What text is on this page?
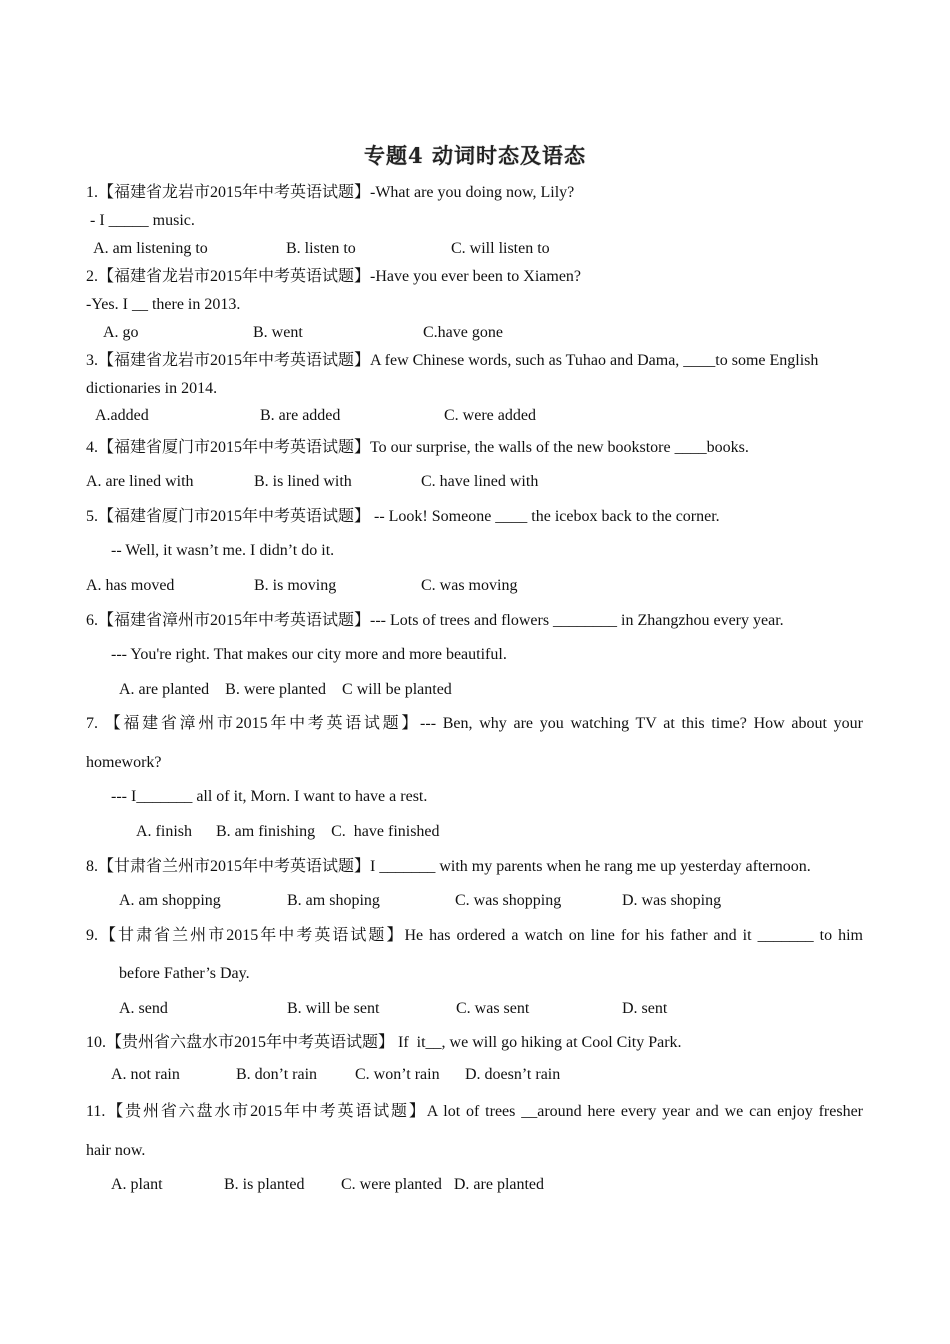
专题4 动词时态及语态
1.【福建省龙岩市2015年中考英语试题】-What are you doing now, Lily?
- I _____ music.
A. am listening to	B. listen to	C. will listen to
2.【福建省龙岩市2015年中考英语试题】-Have you ever been to Xiamen?
-Yes. I __ there in 2013.
A. go	B. went	C.have gone
3.【福建省龙岩市2015年中考英语试题】A few Chinese words, such as Tuhao and Dama, ____to some English
dictionaries in 2014.
A.added	B. are added	C. were added
4.【福建省厦门市2015年中考英语试题】To our surprise, the walls of the new bookstore ____books.
A. are lined with	B. is lined with	C. have lined with
5.【福建省厦门市2015年中考英语试题】 -- Look! Someone ____ the icebox back to the corner.
-- Well, it wasn’t me. I didn’t do it.
A. has moved	B. is moving	C. was moving
6.【福建省漳州市2015年中考英语试题】--- Lots of trees and flowers ________ in Zhangzhou every year.
--- You're right. That makes our city more and more beautiful.
A. are planted    B. were planted    C will be planted
7. 【福建省漳州市2015年中考英语试题】--- Ben, why are you watching TV at this time? How about your
homework?
--- I_______ all of it, Morn. I want to have a rest.
A. finish      B. am finishing    C.  have finished
8.【甘肃省兰州市2015年中考英语试题】I _______ with my parents when he rang me up yesterday afternoon.
A. am shopping	B. am shoping	C. was shopping	D. was shoping
9.【甘肃省兰州市2015年中考英语试题】He has ordered a watch on line for his father and it _______ to him
before Father’s Day.
A. send	B. will be sent	C. was sent	D. sent
10.【贵州省六盘水市2015年中考英语试题】 If  it__, we will go hiking at Cool City Park.
A. not rain	B. don’t rain C. won’t rain D. doesn’t rain
11.【贵州省六盘水市2015年中考英语试题】A lot of trees __around here every year and we can enjoy fresher
hair now.
A. plant	B. is planted C. were planted   D. are planted
